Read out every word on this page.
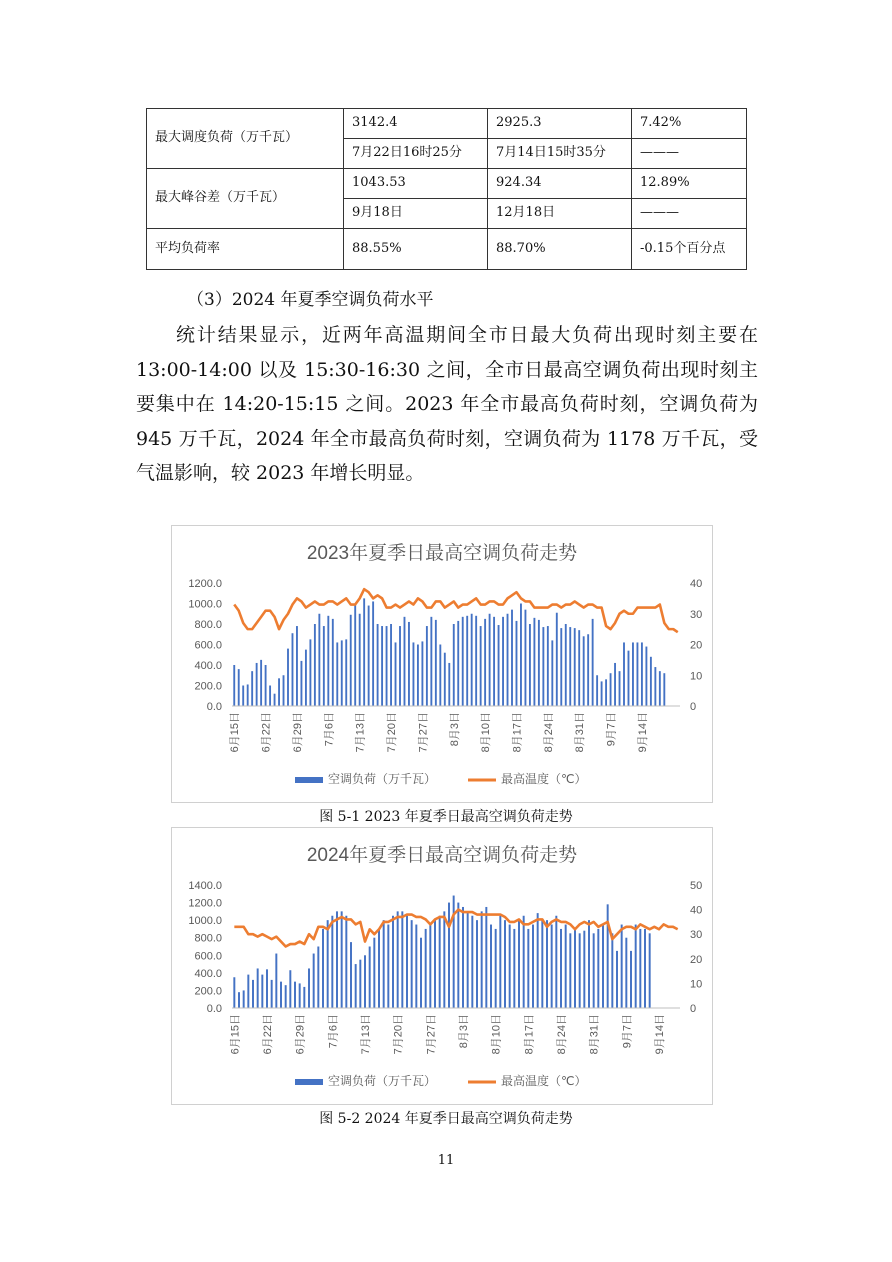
最大调度负荷（万千瓦）	3142.4	2925.3	7.42%
	7月22日16时25分	7月14日15时35分	———
最大峰谷差（万千瓦）	1043.53	924.34	12.89%
	9月18日	12月18日	———
平均负荷率	88.55%	88.70%	-0.15个百分点
（3）2024 年夏季空调负荷水平

统计结果显示，近两年高温期间全市日最大负荷出现时刻主要在 13:00-14:00 以及 15:30-16:30 之间，全市日最高空调负荷出现时刻主要集中在 14:20-15:15 之间。2023 年全市最高负荷时刻，空调负荷为 945 万千瓦，2024 年全市最高负荷时刻，空调负荷为 1178 万千瓦，受气温影响，较 2023 年增长明显。

2023年夏季日最高空调负荷走势
0.0
200.0
400.0
600.0
800.0
1000.0
1200.0
0
10
20
30
40
6月15日 6月22日 6月29日 7月6日 7月13日 7月20日 7月27日 8月3日 8月10日 8月17日 8月24日 8月31日 9月7日 9月14日
空调负荷（万千瓦）	最高温度（℃）
图 5-1 2023 年夏季日最高空调负荷走势
2024年夏季日最高空调负荷走势
0.0
200.0
400.0
600.0
800.0
1000.0
1200.0
1400.0
0
10
20
30
40
50
6月15日 6月22日 6月29日 7月6日 7月13日 7月20日 7月27日 8月3日 8月10日 8月17日 8月24日 8月31日 9月7日 9月14日
空调负荷（万千瓦）	最高温度（℃）
图 5-2 2024 年夏季日最高空调负荷走势
11
